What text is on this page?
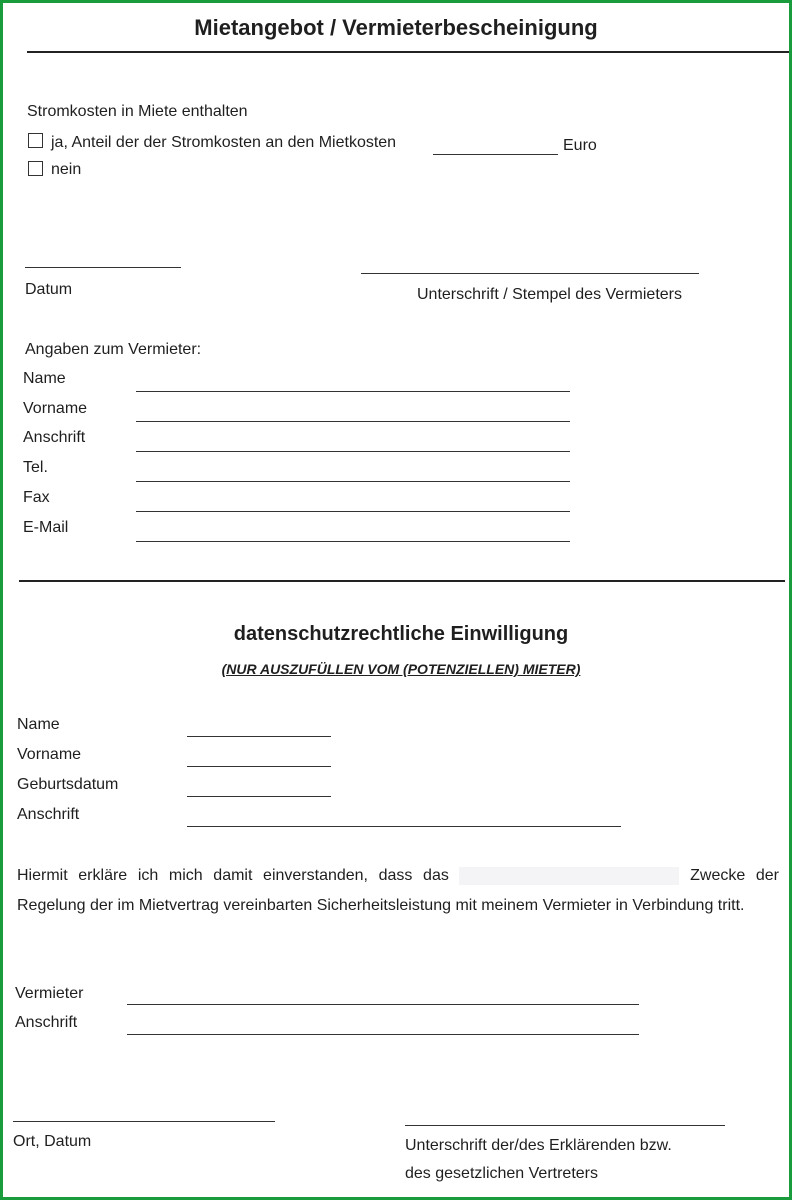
Mietangebot / Vermieterbescheinigung
Stromkosten in Miete enthalten
ja, Anteil der der Stromkosten an den Mietkosten	Euro
nein
Datum	Unterschrift / Stempel des Vermieters
Angaben zum Vermieter:
Name
Vorname
Anschrift
Tel.
Fax
E-Mail
datenschutzrechtliche Einwilligung
(NUR AUSZUFÜLLEN VOM (POTENZIELLEN) MIETER)
Name
Vorname
Geburtsdatum
Anschrift
Hiermit erkläre ich mich damit einverstanden, dass das	Zwecke der Regelung der im Mietvertrag vereinbarten Sicherheitsleistung mit meinem Vermieter in Verbindung tritt.
Vermieter
Anschrift
Ort, Datum	Unterschrift der/des Erklärenden bzw.
des gesetzlichen Vertreters
